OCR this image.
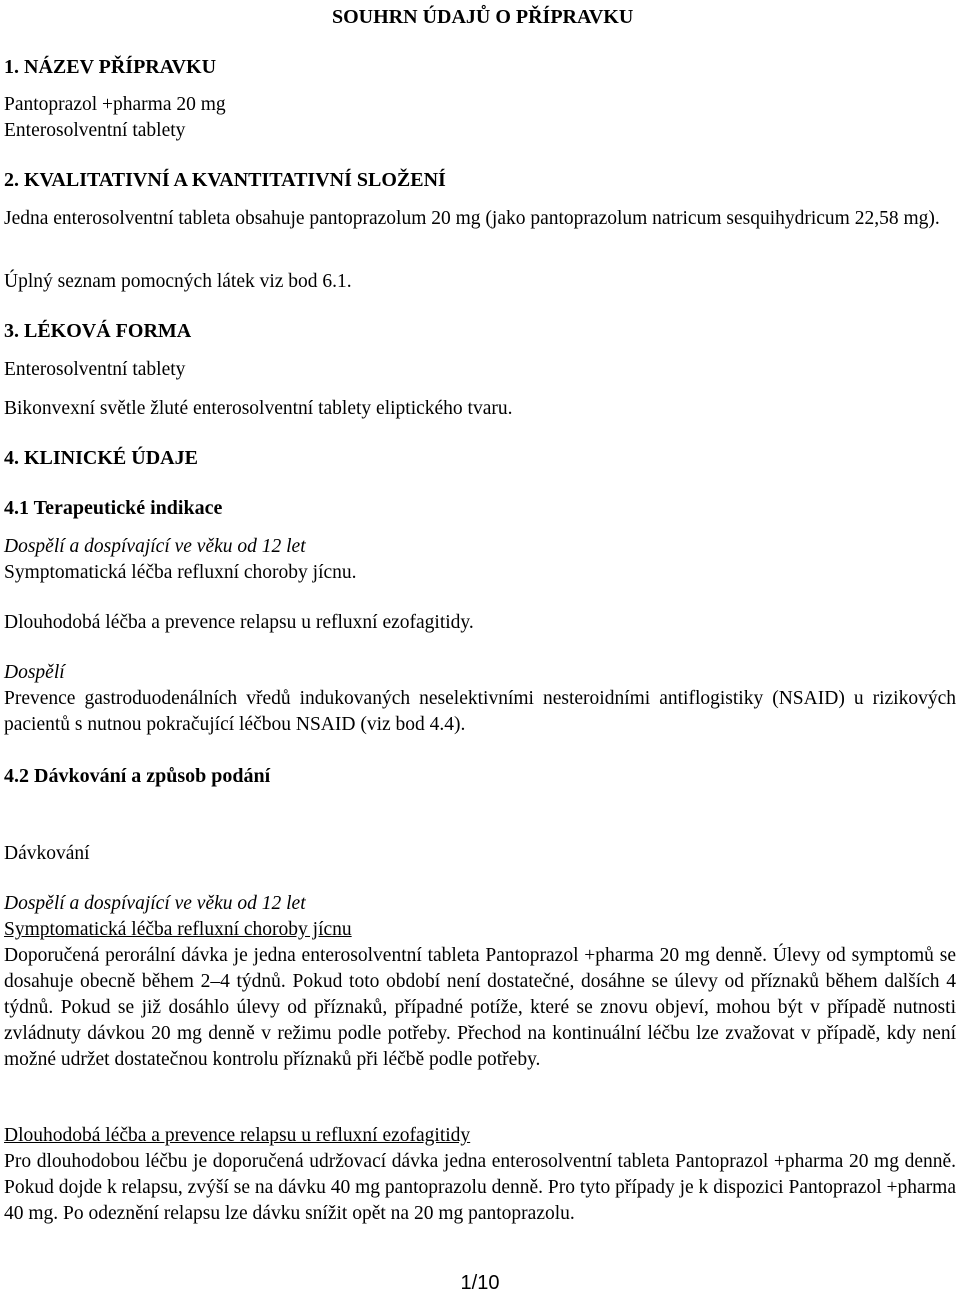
SOUHRN ÚDAJŮ O PŘÍPRAVKU
1. NÁZEV PŘÍPRAVKU
Pantoprazol +pharma 20 mg
Enterosolventní tablety
2. KVALITATIVNÍ A KVANTITATIVNÍ SLOŽENÍ
Jedna enterosolventní tableta obsahuje pantoprazolum 20 mg (jako pantoprazolum natricum sesquihydricum 22,58 mg).
Úplný seznam pomocných látek viz bod 6.1.
3. LÉKOVÁ FORMA
Enterosolventní tablety
Bikonvexní světle žluté enterosolventní tablety eliptického tvaru.
4. KLINICKÉ ÚDAJE
4.1 Terapeutické indikace
Dospělí a dospívající ve věku od 12 let
Symptomatická léčba refluxní choroby jícnu.
Dlouhodobá léčba a prevence relapsu u refluxní ezofagitidy.
Dospělí
Prevence gastroduodenálních vředů indukovaných neselektivními nesteroidními antiflogistiky (NSAID) u rizikových pacientů s nutnou pokračující léčbou NSAID (viz bod 4.4).
4.2 Dávkování a způsob podání
Dávkování
Dospělí a dospívající ve věku od 12 let
Symptomatická léčba refluxní choroby jícnu
Doporučená perorální dávka je jedna enterosolventní tableta Pantoprazol +pharma 20 mg denně. Úlevy od symptomů se dosahuje obecně během 2–4 týdnů. Pokud toto období není dostatečné, dosáhne se úlevy od příznaků během dalších 4 týdnů. Pokud se již dosáhlo úlevy od příznaků, případné potíže, které se znovu objeví, mohou být v případě nutnosti zvládnuty dávkou 20 mg denně v režimu podle potřeby. Přechod na kontinuální léčbu lze zvažovat v případě, kdy není možné udržet dostatečnou kontrolu příznaků při léčbě podle potřeby.
Dlouhodobá léčba a prevence relapsu u refluxní ezofagitidy
Pro dlouhodobou léčbu je doporučená udržovací dávka jedna enterosolventní tableta Pantoprazol +pharma 20 mg denně. Pokud dojde k relapsu, zvýší se na dávku 40 mg pantoprazolu denně. Pro tyto případy je k dispozici Pantoprazol +pharma 40 mg. Po odeznění relapsu lze dávku snížit opět na 20 mg pantoprazolu.
1/10
